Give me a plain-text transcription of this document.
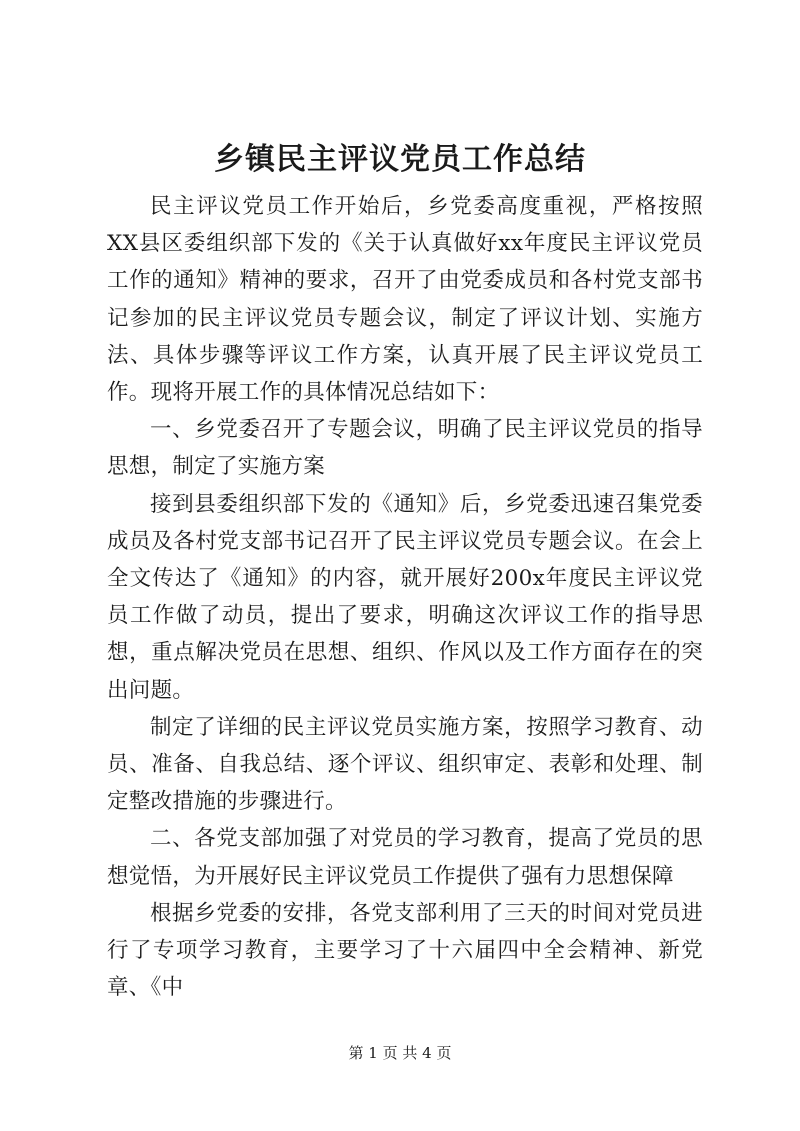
乡镇民主评议党员工作总结

民主评议党员工作开始后，乡党委高度重视，严格按照XX县区委组织部下发的《关于认真做好xx年度民主评议党员工作的通知》精神的要求，召开了由党委成员和各村党支部书记参加的民主评议党员专题会议，制定了评议计划、实施方法、具体步骤等评议工作方案，认真开展了民主评议党员工作。现将开展工作的具体情况总结如下：

一、乡党委召开了专题会议，明确了民主评议党员的指导思想，制定了实施方案

接到县委组织部下发的《通知》后，乡党委迅速召集党委成员及各村党支部书记召开了民主评议党员专题会议。在会上全文传达了《通知》的内容，就开展好200x年度民主评议党员工作做了动员，提出了要求，明确这次评议工作的指导思想，重点解决党员在思想、组织、作风以及工作方面存在的突出问题。

制定了详细的民主评议党员实施方案，按照学习教育、动员、准备、自我总结、逐个评议、组织审定、表彰和处理、制定整改措施的步骤进行。

二、各党支部加强了对党员的学习教育，提高了党员的思想觉悟，为开展好民主评议党员工作提供了强有力思想保障

根据乡党委的安排，各党支部利用了三天的时间对党员进行了专项学习教育，主要学习了十六届四中全会精神、新党章、《中

第 1 页 共 4 页
